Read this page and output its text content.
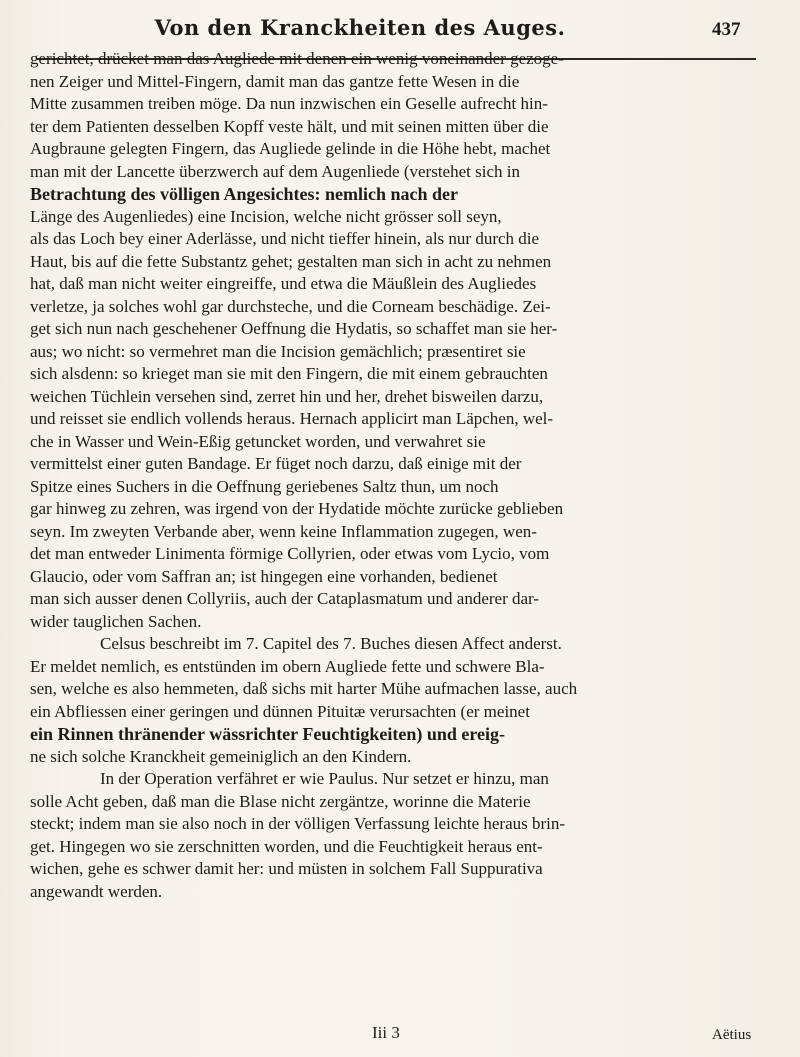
Von den Kranckheiten des Auges.	437
gerichtet, drücket man das Augliede mit denen ein wenig voneinander gezoge-
nen Zeiger und Mittel-Fingern, damit man das gantze fette Wesen in die
Mitte zusammen treiben möge. Da nun inzwischen ein Geselle aufrecht hin-
ter dem Patienten desselben Kopff veste hält, und mit seinen mitten über die
Augbraune gelegten Fingern, das Augliede gelinde in die Höhe hebt, machet
man mit der Lancette überzwerch auf dem Augenliede (verstehet sich in
Betrachtung des völligen Angesichtes: nemlich nach der
Länge des Augenliedes) eine Incision, welche nicht grösser soll seyn,
als das Loch bey einer Aderlässe, und nicht tieffer hinein, als nur durch die
Haut, bis auf die fette Substantz gehet; gestalten man sich in acht zu nehmen
hat, daß man nicht weiter eingreiffe, und etwa die Mäußlein des Augliedes
verletze, ja solches wohl gar durchsteche, und die Corneam beschädige. Zei-
get sich nun nach geschehener Oeffnung die Hydatis, so schaffet man sie her-
aus; wo nicht: so vermehret man die Incision gemächlich; præsentiret sie
sich alsdenn: so krieget man sie mit den Fingern, die mit einem gebrauchten
weichen Tüchlein versehen sind, zerret hin und her, drehet bisweilen darzu,
und reisset sie endlich vollends heraus. Hernach applicirt man Läpchen, wel-
che in Wasser und Wein-Eßig getuncket worden, und verwahret sie
vermittelst einer guten Bandage. Er füget noch darzu, daß einige mit der
Spitze eines Suchers in die Oeffnung geriebenes Saltz thun, um noch
gar hinweg zu zehren, was irgend von der Hydatide möchte zurücke geblieben
seyn. Im zweyten Verbande aber, wenn keine Inflammation zugegen, wen-
det man entweder Linimenta förmige Collyrien, oder etwas vom Lycio, vom
Glaucio, oder vom Saffran an; ist hingegen eine vorhanden, bedienet
man sich ausser denen Collyriis, auch der Cataplasmatum und anderer dar-
wider tauglichen Sachen.
Celsus beschreibt im 7. Capitel des 7. Buches diesen Affect anderst.
Er meldet nemlich, es entstünden im obern Augliede fette und schwere Bla-
sen, welche es also hemmeten, daß sichs mit harter Mühe aufmachen lasse, auch
ein Abfliessen einer geringen und dünnen Pituitæ verursachten (er meinet
ein Rinnen thränender wässrichter Feuchtigkeiten) und ereig-
ne sich solche Kranckheit gemeiniglich an den Kindern.
In der Operation verfähret er wie Paulus. Nur setzet er hinzu, man
solle Acht geben, daß man die Blase nicht zergäntze, worinne die Materie
steckt; indem man sie also noch in der völligen Verfassung leichte heraus brin-
get. Hingegen wo sie zerschnitten worden, und die Feuchtigkeit heraus ent-
wichen, gehe es schwer damit her: und müsten in solchem Fall Suppurativa
angewandt werden.
Iii 3	Aëtius
